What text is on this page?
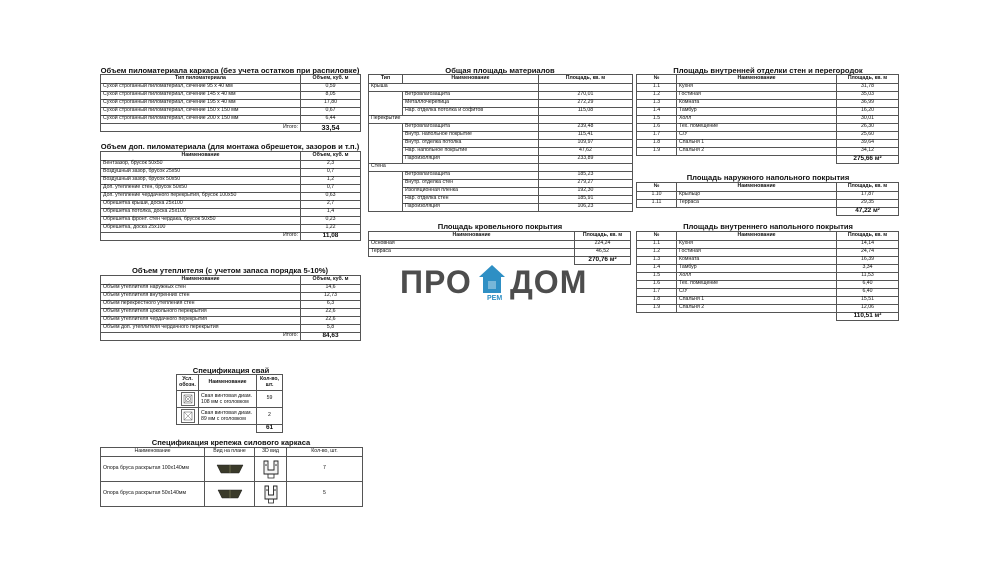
Объем пиломатериала каркаса (без учета остатков при распиловке)
Тип пиломатериала	Объем, куб. м
Сухой строганный пиломатериал, сечение 95 x 40 мм	0,59
Сухой строганный пиломатериал, сечение 145 x 40 мм	8,05
Сухой строганный пиломатериал, сечение 195 x 40 мм	17,80
Сухой строганный пиломатериал, сечение 150 x 150 мм	0,67
Сухой строганный пиломатериал, сечение 200 x 150 мм	6,44
Итого:	33,54
Объем доп. пиломатериала (для монтажа обрешеток, зазоров и т.п.)
Наименование	Объем, куб. м
Вентзазор, брусок 50x50	2,3
Воздушный зазор, брусок 25x50	0,7
Воздушный зазор, брусок 50x50	1,2
Доп. утепление стен, брусок 50x50	0,7
Доп. утепление чердачного перекрытия, брусок 100x50	0,63
Обрешетка крыши, доска 25x100	2,7
Обрешетка потолка, доска 25x100	1,4
Обрешетка фронт. стен чердака, брусок 50x50	0,23
Обрешетка, доска 25x100	1,22
Итого:	11,08
Объем утеплителя (с учетом запаса порядка 5-10%)
Наименование	Объем, куб. м
Объем утеплителя наружных стен	14,6
Объем утеплителя внутренних стен	12,73
Объем перекрестного утепления стен	6,3
Объем утеплителя цокольного перекрытия	22,6
Объем утеплителя чердачного перекрытия	22,6
Объем доп. утеплителя чердачного перекрытия	5,8
Итого:	84,63
Спецификация свай
Усл. обозн.	Наименование	Кол-во, шт.

	Свая винтовая диам. 108 мм с оголовком	59

	Свая винтовая диам. 89 мм с оголовком	2
		61
Спецификация крепежа силового каркаса
Наименование	Вид на плане	3D вид	Кол-во, шт.
Опора бруса раскрытая 100x140мм			7
Опора бруса раскрытая 50x140мм			5
Общая площадь материалов
Тип	Наименование	Площадь, кв. м
Крыша		
	Ветровлагозащита	270,01
	Металлочерепица	272,29
	Нар. отделка потолка и софитов	115,08
Перекрытие		
	Ветровлагозащита	239,48
	Внутр. напольное покрытие	115,41
	Внутр. отделка потолка	109,97
	Нар. напольное покрытие	47,62
	Пароизоляция	233,89
Стена		
	Ветровлагозащита	185,23
	Внутр. отделка стен	279,27
	Изоляционная пленка	192,30
	Нар. отделка стен	185,91
	Пароизоляция	106,23
Площадь кровельного покрытия
Наименование	Площадь, кв. м
Основная	224,24
Терраса	46,52
	270,76 м²
ПРО РЕМ ДОМ
Площадь внутренней отделки стен и перегородок
№	Наименование	Площадь, кв. м
1.1	Кухня	31,78
1.2	Гостиная	35,03
1.3	Комната	36,99
1.4	Тамбур	16,20
1.5	Холл	30,01
1.6	Тех. помещение	26,30
1.7	С/У	25,60
1.8	Спальня 1	39,64
1.9	Спальня 2	34,12
		275,66 м²
Площадь наружного напольного покрытия
№	Наименование	Площадь, кв. м
1.10	Крыльцо	17,87
1.11	Терраса	29,35
		47,22 м²
Площадь внутреннего напольного покрытия
№	Наименование	Площадь, кв. м
1.1	Кухня	14,14
1.2	Гостиная	24,74
1.3	Комната	16,39
1.4	Тамбур	3,34
1.5	Холл	11,53
1.6	Тех. помещение	6,40
1.7	С/У	6,40
1.8	Спальня 1	15,51
1.9	Спальня 2	12,06
		110,51 м²
